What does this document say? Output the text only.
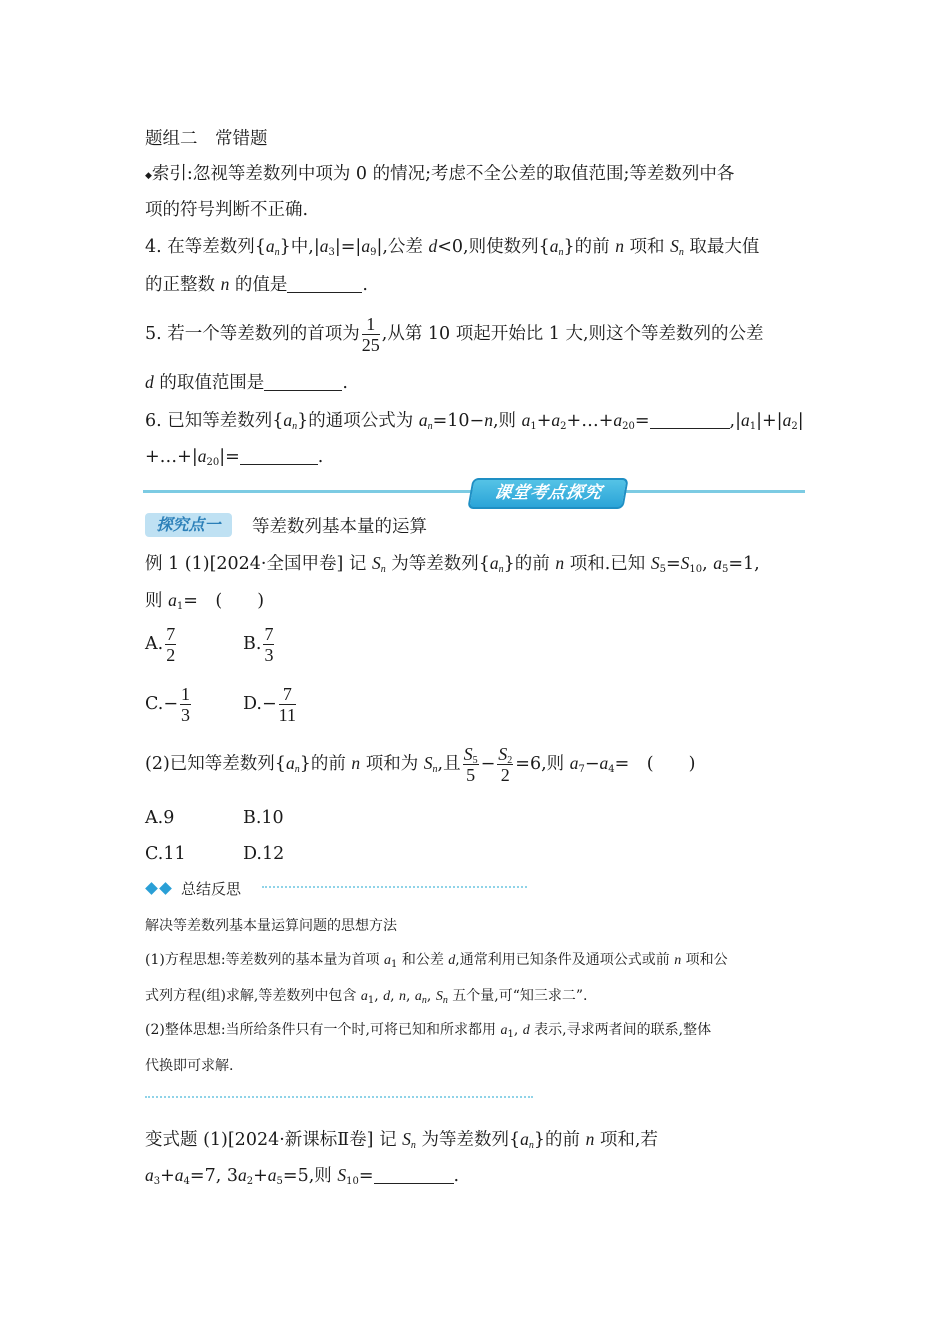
题组二　常错题
◆索引:忽视等差数列中项为 0 的情况;考虑不全公差的取值范围;等差数列中各
项的符号判断不正确.
4. 在等差数列$\{a_n\}$中$,|a_3|=|a_9|$,公差 d<0,则使数列$\{a_n\}$的前 n 项和 $S_n$ 取最大值
的正整数 n 的值是	.
5. 若一个等差数列的首项为 $\frac{1}{25}$ ,从第 10 项起开始比 1 大,则这个等差数列的公差
d 的取值范围是	.
6. 已知等差数列$\{a_n\}$的通项公式为 $a_n=10-n$,则 $a_1+a_2+\dots+a_{20}=$	$,|a_1|+|a_2|$
$+\dots+|a_{20}|=$	.
课堂考点探究
探究点一	等差数列基本量的运算
例 1 (1)[2024·全国甲卷] 记 $S_n$ 为等差数列$\{a_n\}$的前 n 项和.已知 $S_5=S_{10}$, $a_5=1$,
则 $a_1=$　(　　)
A. $\frac{7}{2}$	B. $\frac{7}{3}$
$C.- \frac{1}{3}$	$D.- \frac{7}{11}$
(2)已知等差数列$\{a_n\}$的前 n 项和为 $S_n$,且 $\frac{S_5}{5} - \frac{S_2}{2} =6$,则 $a_7-a_4=$　(　　)
A.9	B.10
C.11	D.12
总结反思
解决等差数列基本量运算问题的思想方法
(1)方程思想:等差数列的基本量为首项 $a_1$ 和公差 d,通常利用已知条件及通项公式或前 n 项和公
式列方程(组)求解,等差数列中包含 $a_1$, d, n, $a_n$, $S_n$ 五个量,可“知三求二”.
(2)整体思想:当所给条件只有一个时,可将已知和所求都用 $a_1$, d 表示,寻求两者间的联系,整体
代换即可求解.
变式题 (1)[2024·新课标Ⅱ卷] 记 $S_n$ 为等差数列$\{a_n\}$的前 n 项和,若
$a_3+a_4=7$, $3a_2+a_5=5$,则 $S_{10}=$	.
